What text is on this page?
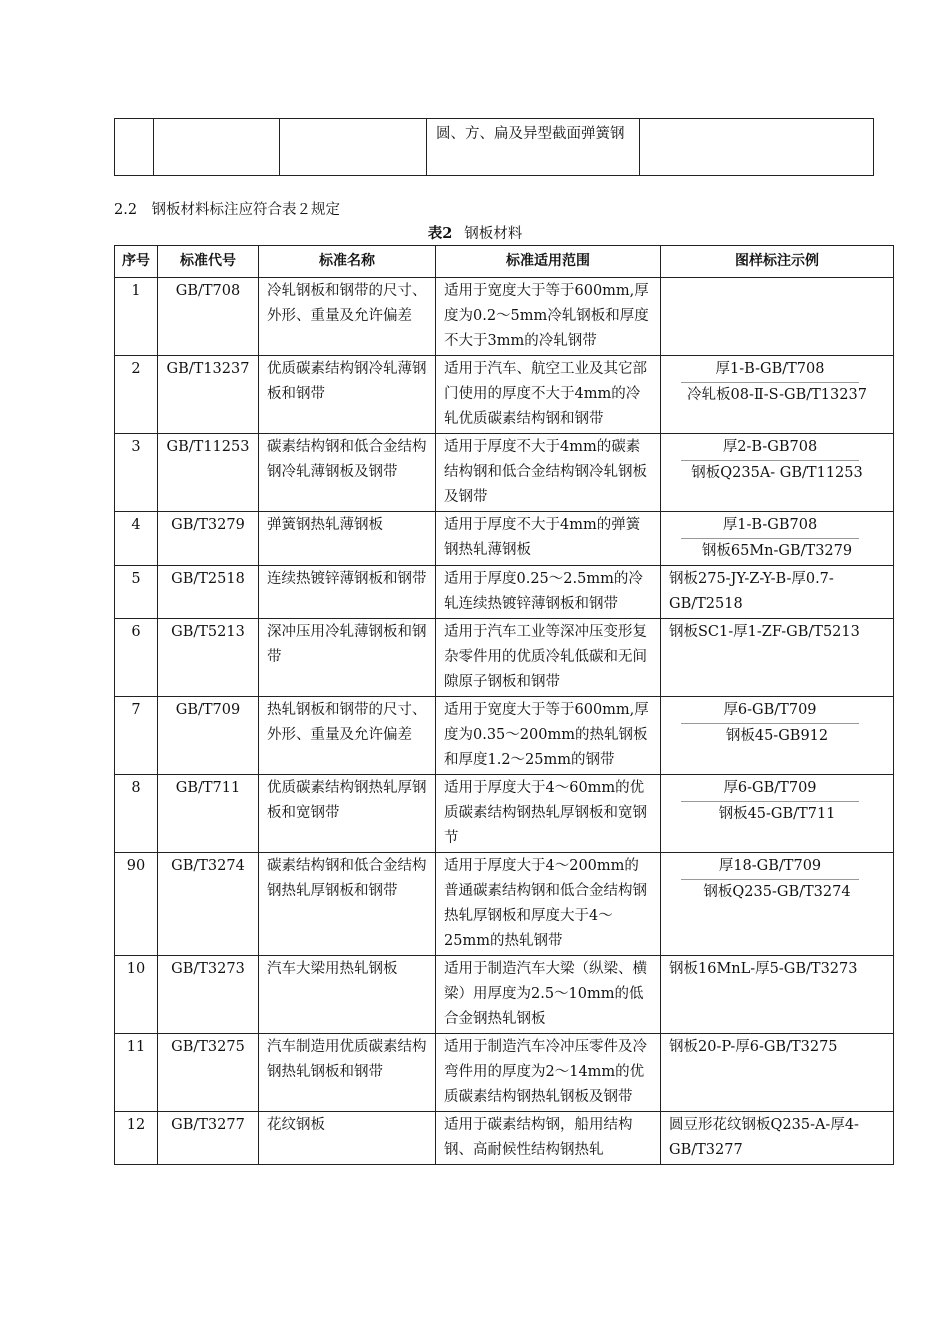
			圆、方、扁及异型截面弹簧钢	
2.2　钢板材料标注应符合表２规定
表2 钢板材料
序号	标准代号	标准名称	标准适用范围	图样标注示例
1	GB/T708	冷轧钢板和钢带的尺寸、外形、重量及允许偏差	适用于宽度大于等于600mm,厚度为0.2～5mm冷轧钢板和厚度不大于3mm的冷轧钢带	
2	GB/T13237	优质碳素结构钢冷轧薄钢板和钢带	适用于汽车、航空工业及其它部门使用的厚度不大于4mm的冷轧优质碳素结构钢和钢带	厚1-B-GB/T708
冷轧板08-Ⅱ-S-GB/T13237

3	GB/T11253	碳素结构钢和低合金结构钢冷轧薄钢板及钢带	适用于厚度不大于4mm的碳素结构钢和低合金结构钢冷轧钢板及钢带	厚2-B-GB708
钢板Q235A- GB/T11253

4	GB/T3279	弹簧钢热轧薄钢板	适用于厚度不大于4mm的弹簧钢热轧薄钢板	厚1-B-GB708
钢板65Mn-GB/T3279

5	GB/T2518	连续热镀锌薄钢板和钢带	适用于厚度0.25～2.5mm的冷轧连续热镀锌薄钢板和钢带	钢板275-JY-Z-Y-B-厚0.7-GB/T2518

6	GB/T5213	深冲压用冷轧薄钢板和钢带	适用于汽车工业等深冲压变形复杂零件用的优质冷轧低碳和无间隙原子钢板和钢带	钢板SC1-厚1-ZF-GB/T5213

7	GB/T709	热轧钢板和钢带的尺寸、外形、重量及允许偏差	适用于宽度大于等于600mm,厚度为0.35～200mm的热轧钢板和厚度1.2～25mm的钢带	厚6-GB/T709
钢板45-GB912

8	GB/T711	优质碳素结构钢热轧厚钢板和宽钢带	适用于厚度大于4～60mm的优质碳素结构钢热轧厚钢板和宽钢节	厚6-GB/T709
钢板45-GB/T711

90	GB/T3274	碳素结构钢和低合金结构钢热轧厚钢板和钢带	适用于厚度大于4～200mm的普通碳素结构钢和低合金结构钢热轧厚钢板和厚度大于4～25mm的热轧钢带	厚18-GB/T709
钢板Q235-GB/T3274

10	GB/T3273	汽车大梁用热轧钢板	适用于制造汽车大梁（纵梁、横梁）用厚度为2.5～10mm的低合金钢热轧钢板	钢板16MnL-厚5-GB/T3273

11	GB/T3275	汽车制造用优质碳素结构钢热轧钢板和钢带	适用于制造汽车冷冲压零件及冷弯件用的厚度为2～14mm的优质碳素结构钢热轧钢板及钢带	钢板20-P-厚6-GB/T3275

12	GB/T3277	花纹钢板	适用于碳素结构钢，船用结构钢、高耐候性结构钢热轧	圆豆形花纹钢板Q235-A-厚4- GB/T3277
